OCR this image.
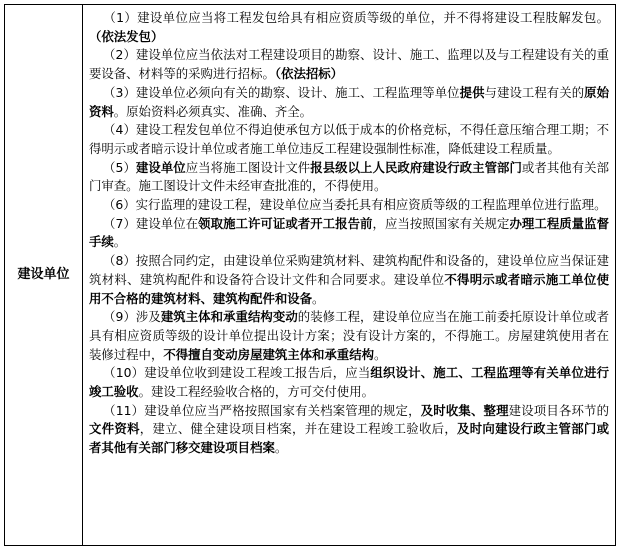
建设单位	

（1）建设单位应当将工程发包给具有相应资质等级的单位，并不得将建设工程肢解发包。（依法发包）

（2）建设单位应当依法对工程建设项目的勘察、设计、施工、监理以及与工程建设有关的重要设备、材料等的采购进行招标。（依法招标）

（3）建设单位必须向有关的勘察、设计、施工、工程监理等单位提供与建设工程有关的原始资料。原始资料必须真实、准确、齐全。

（4）建设工程发包单位不得迫使承包方以低于成本的价格竞标，不得任意压缩合理工期；不得明示或者暗示设计单位或者施工单位违反工程建设强制性标准，降低建设工程质量。

（5）建设单位应当将施工图设计文件报县级以上人民政府建设行政主管部门或者其他有关部门审查。施工图设计文件未经审查批准的，不得使用。

（6）实行监理的建设工程，建设单位应当委托具有相应资质等级的工程监理单位进行监理。

（7）建设单位在领取施工许可证或者开工报告前，应当按照国家有关规定办理工程质量监督手续。

（8）按照合同约定，由建设单位采购建筑材料、建筑构配件和设备的，建设单位应当保证建筑材料、建筑构配件和设备符合设计文件和合同要求。建设单位不得明示或者暗示施工单位使用不合格的建筑材料、建筑构配件和设备。

（9）涉及建筑主体和承重结构变动的装修工程，建设单位应当在施工前委托原设计单位或者具有相应资质等级的设计单位提出设计方案；没有设计方案的，不得施工。房屋建筑使用者在装修过程中，不得擅自变动房屋建筑主体和承重结构。

（10）建设单位收到建设工程竣工报告后，应当组织设计、施工、工程监理等有关单位进行竣工验收。建设工程经验收合格的，方可交付使用。

（11）建设单位应当严格按照国家有关档案管理的规定，及时收集、整理建设项目各环节的文件资料，建立、健全建设项目档案，并在建设工程竣工验收后，及时向建设行政主管部门或者其他有关部门移交建设项目档案。
